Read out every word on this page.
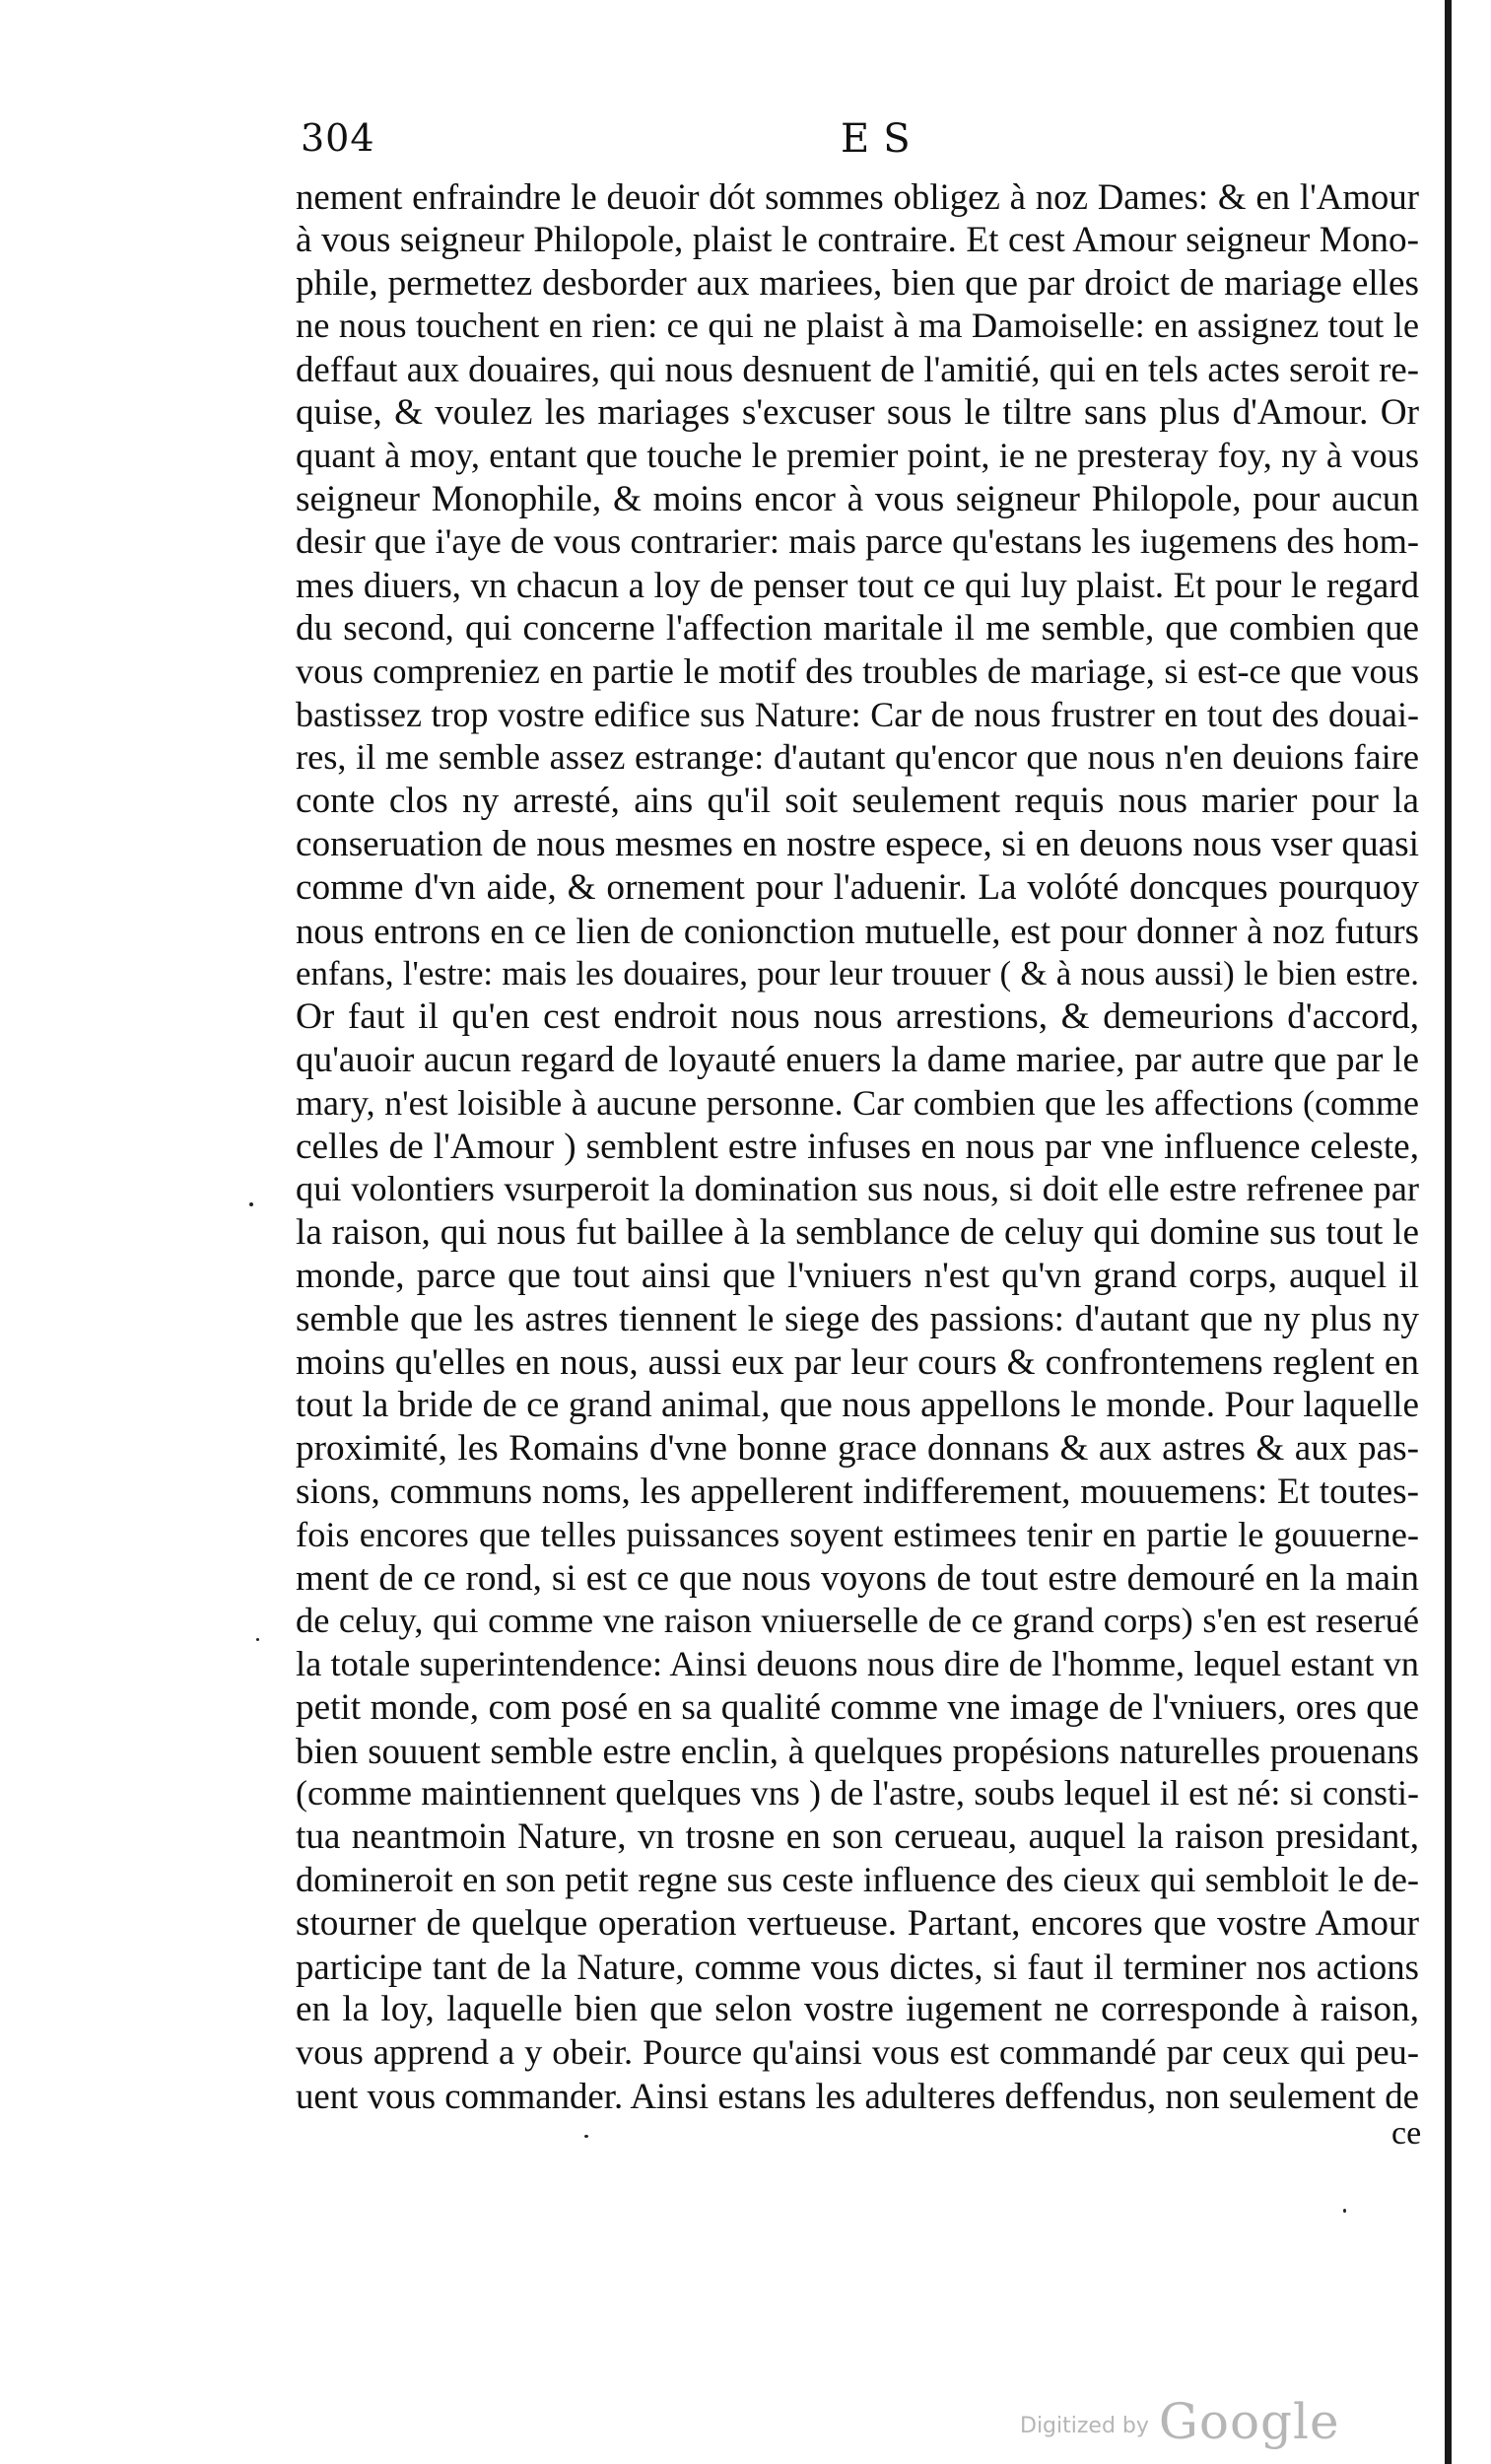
304	ES
nement enfraindre le deuoir dót sommes obligez à noz Dames: & en l'Amour
à vous seigneur Philopole, plaist le contraire. Et cest Amour seigneur Mono-
phile, permettez desborder aux mariees, bien que par droict de mariage elles
ne nous touchent en rien: ce qui ne plaist à ma Damoiselle: en assignez tout le
deffaut aux douaires, qui nous desnuent de l'amitié, qui en tels actes seroit re-
quise, & voulez les mariages s'excuser sous le tiltre sans plus d'Amour. Or
quant à moy, entant que touche le premier point, ie ne presteray foy, ny à vous
seigneur Monophile, & moins encor à vous seigneur Philopole, pour aucun
desir que i'aye de vous contrarier: mais parce qu'estans les iugemens des hom-
mes diuers, vn chacun a loy de penser tout ce qui luy plaist. Et pour le regard
du second, qui concerne l'affection maritale il me semble, que combien que
vous compreniez en partie le motif des troubles de mariage, si est-ce que vous
bastissez trop vostre edifice sus Nature: Car de nous frustrer en tout des douai-
res, il me semble assez estrange: d'autant qu'encor que nous n'en deuions faire
conte clos ny arresté, ains qu'il soit seulement requis nous marier pour la
conseruation de nous mesmes en nostre espece, si en deuons nous vser quasi
comme d'vn aide, & ornement pour l'aduenir. La volóté doncques pourquoy
nous entrons en ce lien de conionction mutuelle, est pour donner à noz futurs
enfans, l'estre: mais les douaires, pour leur trouuer ( & à nous aussi) le bien estre.
Or faut il qu'en cest endroit nous nous arrestions, & demeurions d'accord,
qu'auoir aucun regard de loyauté enuers la dame mariee, par autre que par le
mary, n'est loisible à aucune personne. Car combien que les affections (comme
celles de l'Amour ) semblent estre infuses en nous par vne influence celeste,
qui volontiers vsurperoit la domination sus nous, si doit elle estre refrenee par
la raison, qui nous fut baillee à la semblance de celuy qui domine sus tout le
monde, parce que tout ainsi que l'vniuers n'est qu'vn grand corps, auquel il
semble que les astres tiennent le siege des passions: d'autant que ny plus ny
moins qu'elles en nous, aussi eux par leur cours & confrontemens reglent en
tout la bride de ce grand animal, que nous appellons le monde. Pour laquelle
proximité, les Romains d'vne bonne grace donnans & aux astres & aux pas-
sions, communs noms, les appellerent indifferement, mouuemens: Et toutes-
fois encores que telles puissances soyent estimees tenir en partie le gouuerne-
ment de ce rond, si est ce que nous voyons de tout estre demouré en la main
de celuy, qui comme vne raison vniuerselle de ce grand corps) s'en est reserué
la totale superintendence: Ainsi deuons nous dire de l'homme, lequel estant vn
petit monde, com posé en sa qualité comme vne image de l'vniuers, ores que
bien souuent semble estre enclin, à quelques propésions naturelles prouenans
(comme maintiennent quelques vns ) de l'astre, soubs lequel il est né: si consti-
tua neantmoin Nature, vn trosne en son cerueau, auquel la raison presidant,
domineroit en son petit regne sus ceste influence des cieux qui sembloit le de-
stourner de quelque operation vertueuse. Partant, encores que vostre Amour
participe tant de la Nature, comme vous dictes, si faut il terminer nos actions
en la loy, laquelle bien que selon vostre iugement ne corresponde à raison,
vous apprend a y obeir. Pource qu'ainsi vous est commandé par ceux qui peu-
uent vous commander. Ainsi estans les adulteres deffendus, non seulement de
ce
Digitized by Google
